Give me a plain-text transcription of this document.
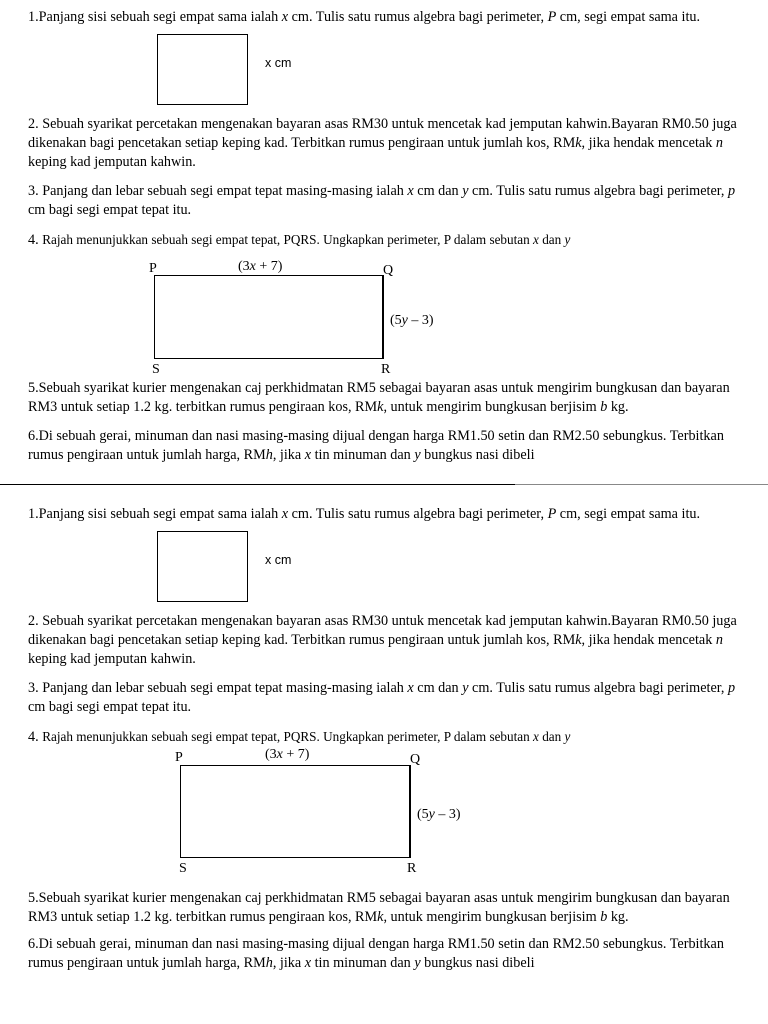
1.Panjang sisi sebuah segi empat sama ialah x cm. Tulis satu rumus algebra bagi perimeter, P cm, segi empat sama itu.

x cm

2. Sebuah syarikat percetakan mengenakan bayaran asas RM30 untuk mencetak kad jemputan kahwin.Bayaran RM0.50 juga dikenakan bagi pencetakan setiap keping kad. Terbitkan rumus pengiraan untuk jumlah kos, RMk, jika hendak mencetak n keping kad jemputan kahwin.

3. Panjang dan lebar sebuah segi empat tepat masing-masing ialah x cm dan y cm. Tulis satu rumus algebra bagi perimeter, p cm bagi segi empat tepat itu.

4. Rajah menunjukkan sebuah segi empat tepat, PQRS. Ungkapkan perimeter, P dalam sebutan x dan y

P	Q
R
S
(3x + 7)
(5y – 3)

5.Sebuah syarikat kurier mengenakan caj perkhidmatan RM5 sebagai bayaran asas untuk mengirim bungkusan dan bayaran RM3 untuk setiap 1.2 kg. terbitkan rumus pengiraan kos, RMk, untuk mengirim bungkusan berjisim b kg.

6.Di sebuah gerai, minuman dan nasi masing-masing dijual dengan harga RM1.50 setin dan RM2.50 sebungkus. Terbitkan rumus pengiraan untuk jumlah harga, RMh, jika x tin minuman dan y bungkus nasi dibeli

1.Panjang sisi sebuah segi empat sama ialah x cm. Tulis satu rumus algebra bagi perimeter, P cm, segi empat sama itu.

x cm

2. Sebuah syarikat percetakan mengenakan bayaran asas RM30 untuk mencetak kad jemputan kahwin.Bayaran RM0.50 juga dikenakan bagi pencetakan setiap keping kad. Terbitkan rumus pengiraan untuk jumlah kos, RMk, jika hendak mencetak n keping kad jemputan kahwin.

3. Panjang dan lebar sebuah segi empat tepat masing-masing ialah x cm dan y cm. Tulis satu rumus algebra bagi perimeter, p cm bagi segi empat tepat itu.

4. Rajah menunjukkan sebuah segi empat tepat, PQRS. Ungkapkan perimeter, P dalam sebutan x dan y

P	Q
R
S
(3x + 7)
(5y – 3)

5.Sebuah syarikat kurier mengenakan caj perkhidmatan RM5 sebagai bayaran asas untuk mengirim bungkusan dan bayaran RM3 untuk setiap 1.2 kg. terbitkan rumus pengiraan kos, RMk, untuk mengirim bungkusan berjisim b kg.

6.Di sebuah gerai, minuman dan nasi masing-masing dijual dengan harga RM1.50 setin dan RM2.50 sebungkus. Terbitkan rumus pengiraan untuk jumlah harga, RMh, jika x tin minuman dan y bungkus nasi dibeli
